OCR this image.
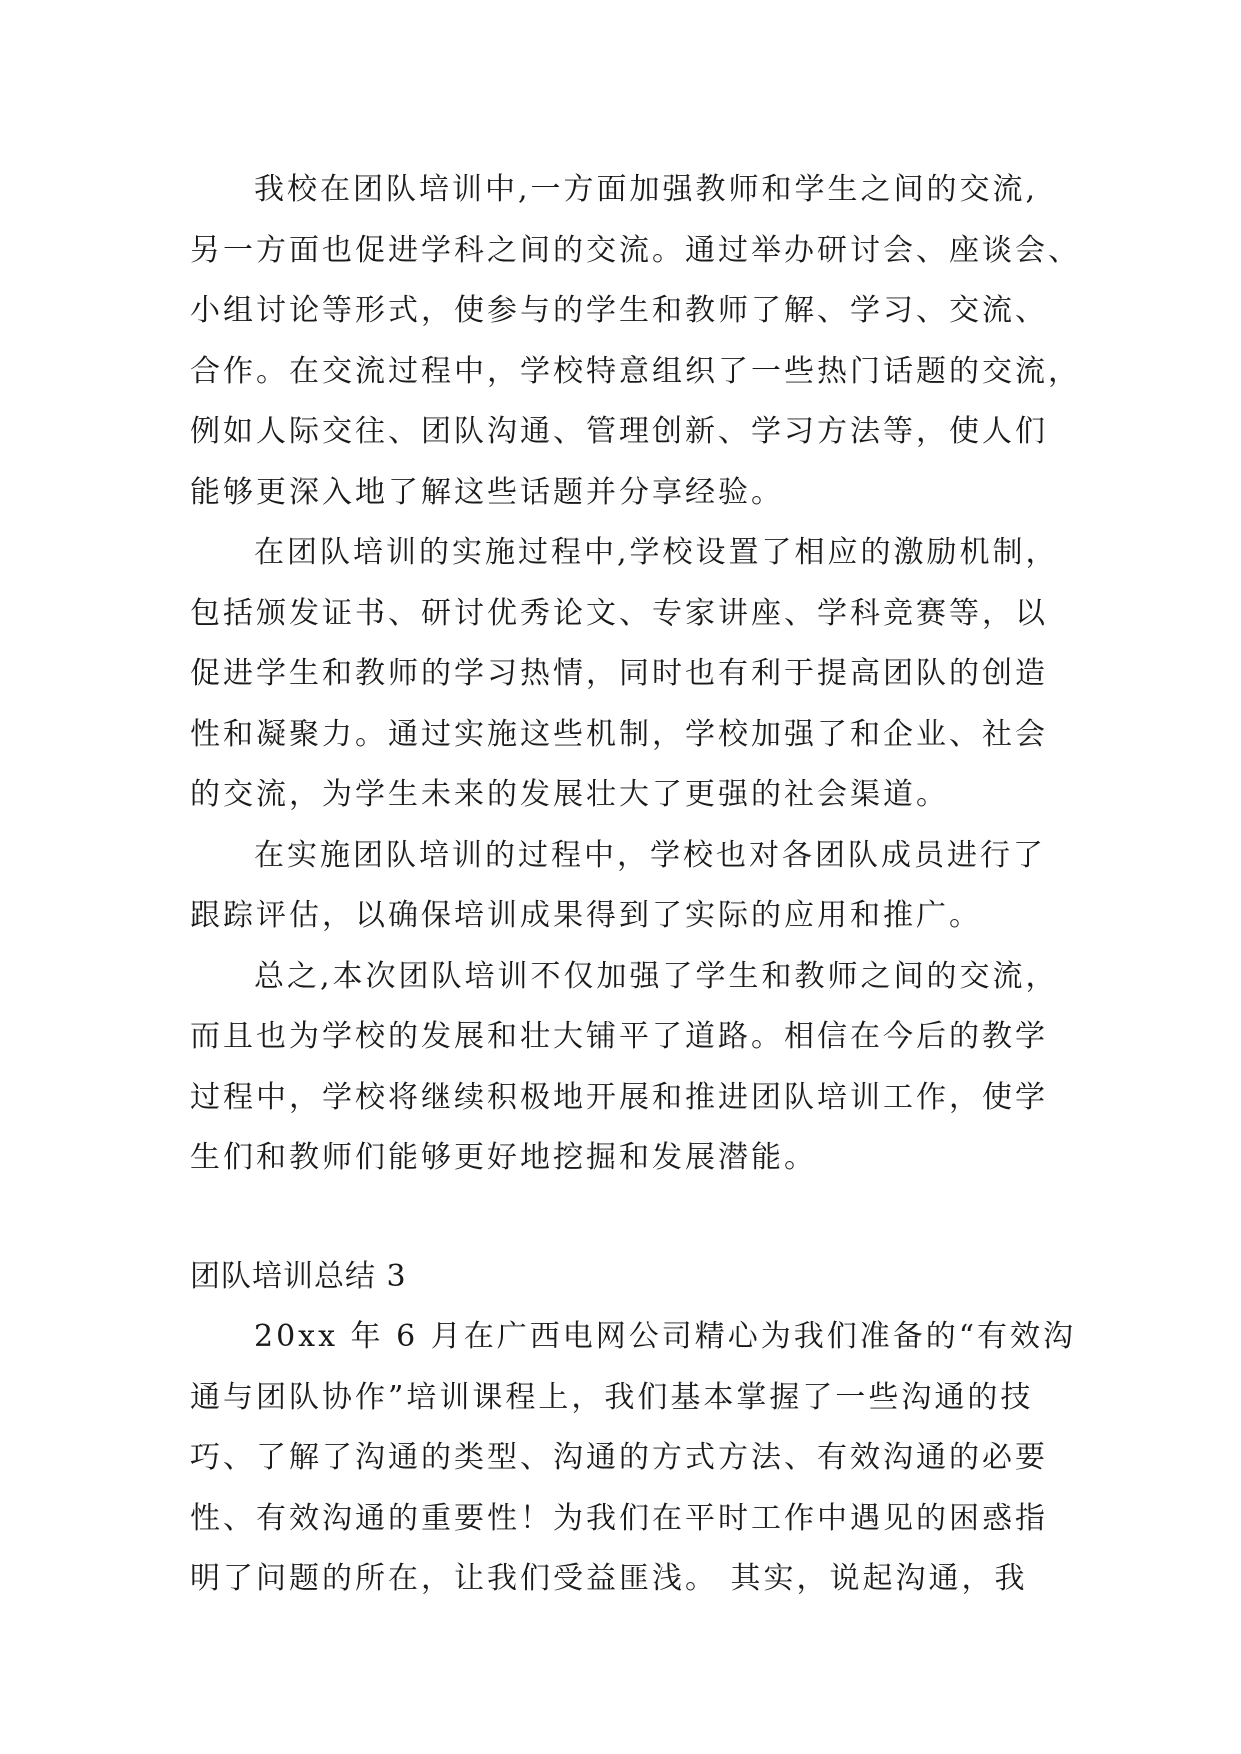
我校在团队培训中,一方面加强教师和学生之间的交流,
另一方面也促进学科之间的交流。通过举办研讨会、座谈会、
小组讨论等形式，使参与的学生和教师了解、学习、交流、
合作。在交流过程中，学校特意组织了一些热门话题的交流，
例如人际交往、团队沟通、管理创新、学习方法等，使人们
能够更深入地了解这些话题并分享经验。
在团队培训的实施过程中,学校设置了相应的激励机制，
包括颁发证书、研讨优秀论文、专家讲座、学科竞赛等，以
促进学生和教师的学习热情，同时也有利于提高团队的创造
性和凝聚力。通过实施这些机制，学校加强了和企业、社会
的交流，为学生未来的发展壮大了更强的社会渠道。
在实施团队培训的过程中，学校也对各团队成员进行了
跟踪评估，以确保培训成果得到了实际的应用和推广。
总之,本次团队培训不仅加强了学生和教师之间的交流，
而且也为学校的发展和壮大铺平了道路。相信在今后的教学
过程中，学校将继续积极地开展和推进团队培训工作，使学
生们和教师们能够更好地挖掘和发展潜能。
团队培训总结 3
20xx 年 6 月在广西电网公司精心为我们准备的“有效沟
通与团队协作”培训课程上，我们基本掌握了一些沟通的技
巧、了解了沟通的类型、沟通的方式方法、有效沟通的必要
性、有效沟通的重要性！为我们在平时工作中遇见的困惑指
明了问题的所在，让我们受益匪浅。 其实，说起沟通，我
